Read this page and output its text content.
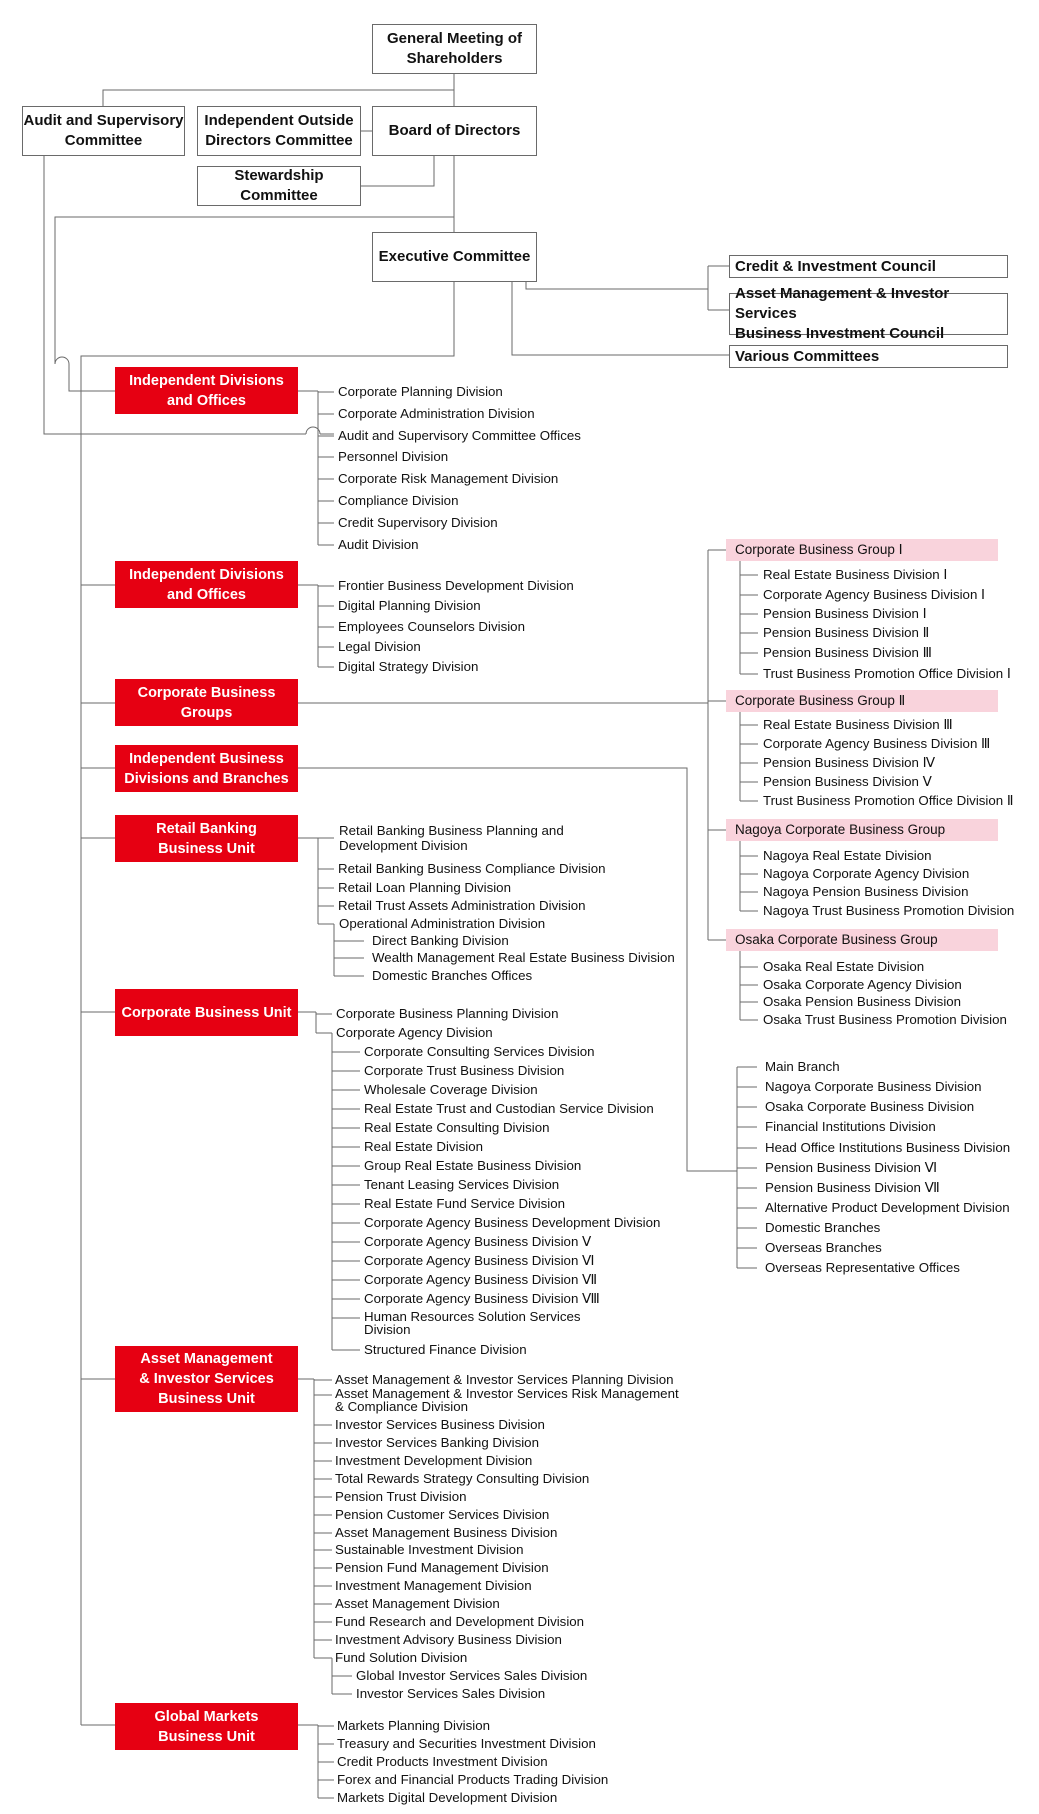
General Meeting of
Shareholders
Audit and Supervisory
Committee
Independent Outside
Directors Committee
Board of Directors
Stewardship
Committee
Executive Committee
Credit & Investment Council
Asset Management & Investor Services
Business Investment Council
Various Committees
Independent Divisions
and Offices
Independent Divisions
and Offices
Corporate Business
Groups
Independent Business
Divisions and Branches
Retail Banking
Business Unit
Corporate Business Unit
Asset Management
& Investor Services
Business Unit
Global Markets
Business Unit
Corporate Planning Division
Corporate Administration Division
Audit and Supervisory Committee Offices
Personnel Division
Corporate Risk Management Division
Compliance Division
Credit Supervisory Division
Audit Division
Frontier Business Development Division
Digital Planning Division
Employees Counselors Division
Legal Division
Digital Strategy Division
Retail Banking Business Planning and Development Division
Retail Banking Business Compliance Division
Retail Loan Planning Division
Retail Trust Assets Administration Division
Operational Administration Division
Direct Banking Division
Wealth Management Real Estate Business Division
Domestic Branches Offices
Corporate Business Planning Division
Corporate Agency Division
Corporate Consulting Services Division
Corporate Trust Business Division
Wholesale Coverage Division
Real Estate Trust and Custodian Service Division
Real Estate Consulting Division
Real Estate Division
Group Real Estate Business Division
Tenant Leasing Services Division
Real Estate Fund Service Division
Corporate Agency Business Development Division
Corporate Agency Business Division Ⅴ
Corporate Agency Business Division Ⅵ
Corporate Agency Business Division Ⅶ
Corporate Agency Business Division Ⅷ
Human Resources Solution Services Division
Structured Finance Division
Asset Management & Investor Services Planning Division
Asset Management & Investor Services Risk Management & Compliance Division
Investor Services Business Division
Investor Services Banking Division
Investment Development Division
Total Rewards Strategy Consulting Division
Pension Trust Division
Pension Customer Services Division
Asset Management Business Division
Sustainable Investment Division
Pension Fund Management Division
Investment Management Division
Asset Management Division
Fund Research and Development Division
Investment Advisory Business Division
Fund Solution Division
Global Investor Services Sales Division
Investor Services Sales Division
Markets Planning Division
Treasury and Securities Investment Division
Credit Products Investment Division
Forex and Financial Products Trading Division
Markets Digital Development Division
Corporate Business Group Ⅰ
Real Estate Business Division Ⅰ
Corporate Agency Business Division Ⅰ
Pension Business Division Ⅰ
Pension Business Division Ⅱ
Pension Business Division Ⅲ
Trust Business Promotion Office Division Ⅰ
Corporate Business Group Ⅱ
Real Estate Business Division Ⅲ
Corporate Agency Business Division Ⅲ
Pension Business Division Ⅳ
Pension Business Division Ⅴ
Trust Business Promotion Office Division Ⅱ
Nagoya Corporate Business Group
Nagoya Real Estate Division
Nagoya Corporate Agency Division
Nagoya Pension Business Division
Nagoya Trust Business Promotion Division
Osaka Corporate Business Group
Osaka Real Estate Division
Osaka Corporate Agency Division
Osaka Pension Business Division
Osaka Trust Business Promotion Division
Main Branch
Nagoya Corporate Business Division
Osaka Corporate Business Division
Financial Institutions Division
Head Office Institutions Business Division
Pension Business Division Ⅵ
Pension Business Division Ⅶ
Alternative Product Development Division
Domestic Branches
Overseas Branches
Overseas Representative Offices
